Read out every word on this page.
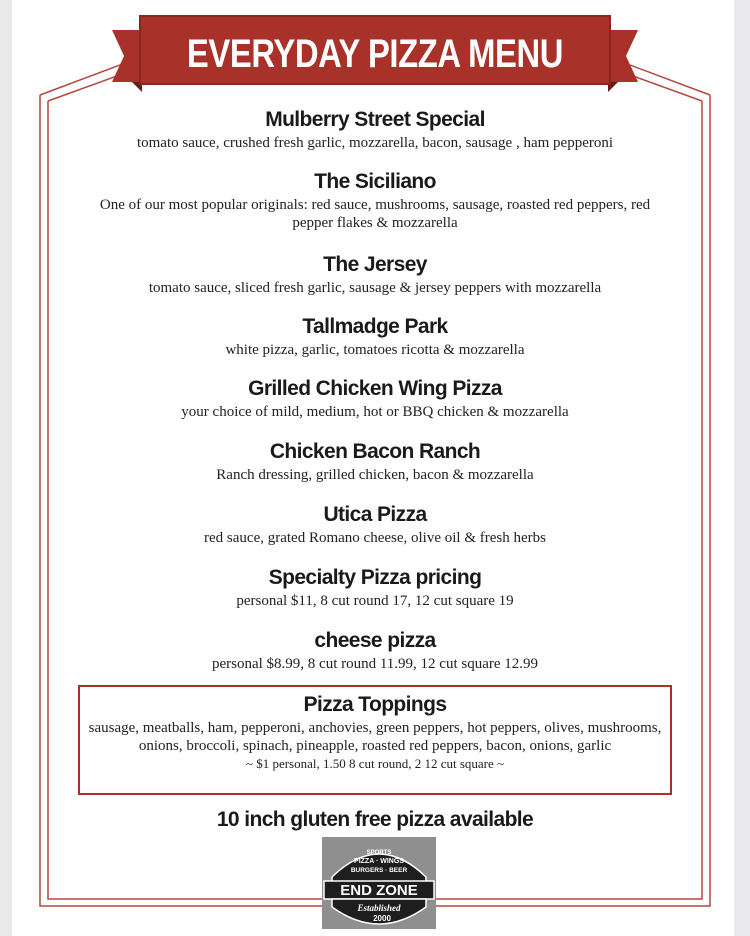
EVERYDAY PIZZA MENU
Mulberry Street Special
tomato sauce, crushed fresh garlic, mozzarella, bacon, sausage , ham pepperoni
The Siciliano
One of our most popular originals: red sauce, mushrooms, sausage, roasted red peppers, red pepper flakes & mozzarella
The Jersey
tomato sauce, sliced fresh garlic, sausage & jersey peppers with mozzarella
Tallmadge Park
white pizza, garlic, tomatoes ricotta & mozzarella
Grilled Chicken Wing Pizza
your choice of mild, medium, hot or BBQ chicken & mozzarella
Chicken Bacon Ranch
Ranch dressing, grilled chicken, bacon & mozzarella
Utica Pizza
red sauce, grated Romano cheese, olive oil & fresh herbs
Specialty Pizza pricing
personal $11, 8 cut round 17, 12 cut square 19
cheese pizza
personal $8.99, 8 cut round 11.99, 12 cut square 12.99
Pizza Toppings
sausage, meatballs, ham, pepperoni, anchovies, green peppers, hot peppers, olives, mushrooms, onions, broccoli, spinach, pineapple, roasted red peppers, bacon, onions, garlic
~ $1 personal, 1.50 8 cut round, 2 12 cut square ~
10 inch gluten free pizza available
SPORTS
PIZZA · WINGS
BURGERS · BEER
END ZONE
Established
2000
